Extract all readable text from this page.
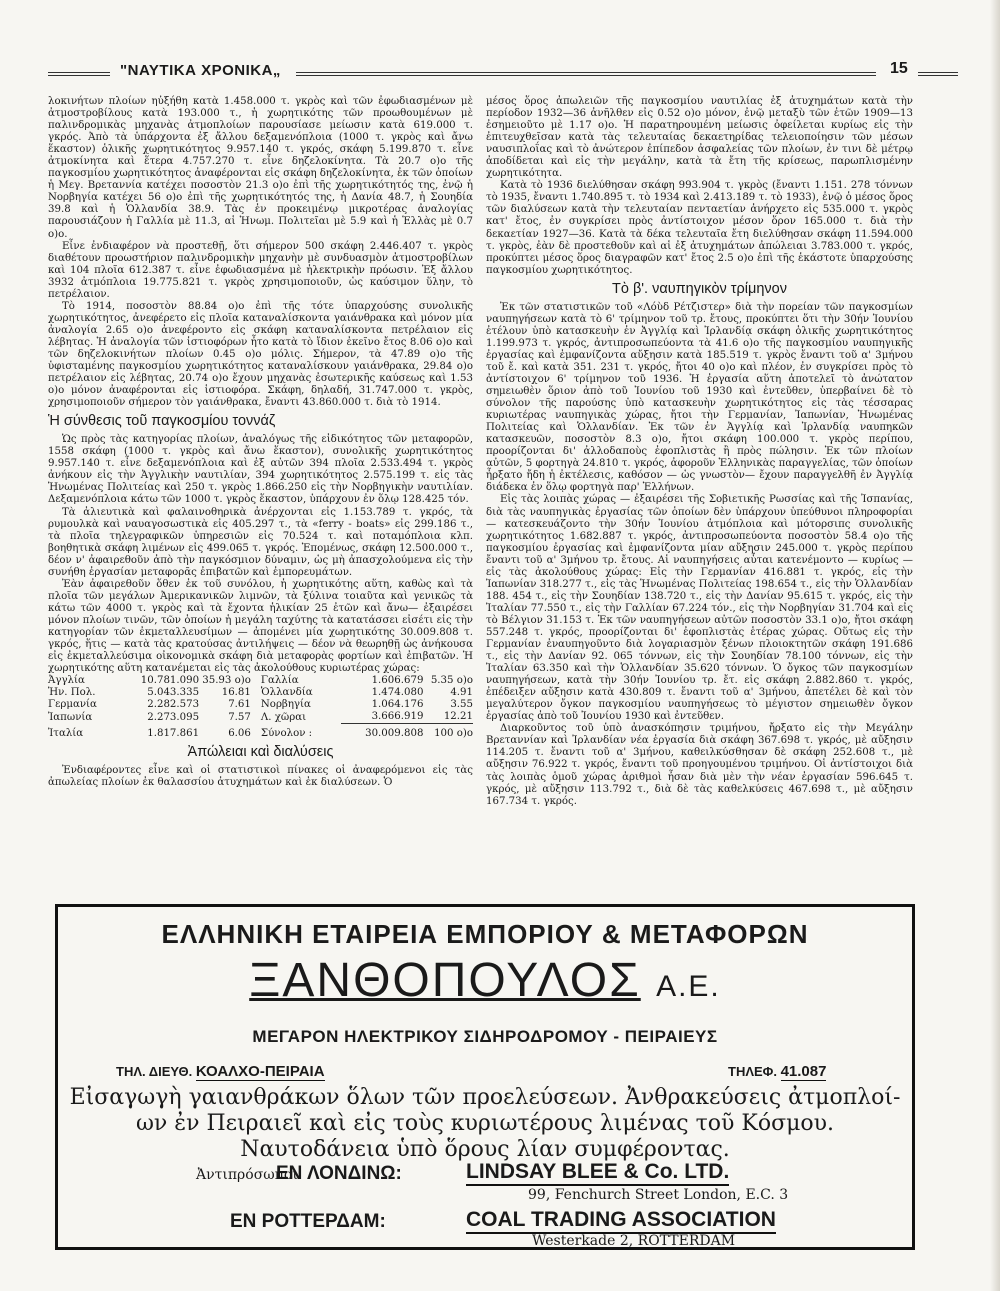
"ΝΑΥΤΙΚΑ ΧΡΟΝΙΚΑ„	15

λοκινήτων πλοίων ηὐξήθη κατὰ 1.458.000 τ. γκρὸς καὶ τῶν ἐφωδιασμένων μὲ ἀτμοστροβίλους κατὰ 193.000 τ., ἡ χωρητικότης τῶν προωθουμένων μὲ παλινδρομικὰς μηχανὰς ἀτμοπλοίων παρουσίασε μείωσιν κατὰ 619.000 τ. γκρός. Ἀπὸ τὰ ὑπάρχοντα ἐξ ἄλλου δεξαμενόπλοια (1000 τ. γκρὸς καὶ ἄνω ἕκαστον) ὁλικῆς χωρητικότητος 9.957.140 τ. γκρός, σκάφη 5.199.870 τ. εἶνε ἀτμοκίνητα καὶ ἕτερα 4.757.270 τ. εἶνε δηζελοκίνητα. Τὰ 20.7 ο)ο τῆς παγκοσμίου χωρητικότητος ἀναφέρονται εἰς σκάφη δηζελοκίνητα, ἐκ τῶν ὁποίων ἡ Μεγ. Βρεταννία κατέχει ποσοστὸν 21.3 ο)ο ἐπὶ τῆς χωρητικότητός της, ἐνῷ ἡ Νορβηγία κατέχει 56 ο)ο ἐπὶ τῆς χωρητικότητός της, ἡ Δανία 48.7, ἡ Σουηδία 39.8 καὶ ἡ Ὁλλανδία 38.9. Τὰς ἐν προκειμένῳ μικροτέρας ἀναλογίας παρουσιάζουν ἡ Γαλλία μὲ 11.3, αἱ Ἡνωμ. Πολιτεῖαι μὲ 5.9 καὶ ἡ Ἑλλὰς μὲ 0.7 ο)ο.

Εἶνε ἐνδιαφέρον νὰ προστεθῇ, ὅτι σήμερον 500 σκάφη 2.446.407 τ. γκρὸς διαθέτουν προωστήριον παλινδρομικὴν μηχανὴν μὲ συνδυασμὸν ἀτμοστροβίλων καὶ 104 πλοῖα 612.387 τ. εἶνε ἐφωδιασμένα μὲ ἠλεκτρικὴν πρόωσιν. Ἐξ ἄλλου 3932 ἀτμόπλοια 19.775.821 τ. γκρὸς χρησιμοποιοῦν, ὡς καύσιμον ὕλην, τὸ πετρέλαιον.

Τὸ 1914, ποσοστὸν 88.84 ο)ο ἐπὶ τῆς τότε ὑπαρχούσης συνολικῆς χωρητικότητος, ἀνεφέρετο εἰς πλοῖα καταναλίσκοντα γαιάνθρακα καὶ μόνον μία ἀναλογία 2.65 ο)ο ἀνεφέροντο εἰς σκάφη καταναλίσκοντα πετρέλαιον εἰς λέβητας. Ἡ ἀναλογία τῶν ἱστιοφόρων ἦτο κατὰ τὸ ἴδιον ἐκεῖνο ἔτος 8.06 ο)ο καὶ τῶν δηζελοκινήτων πλοίων 0.45 ο)ο μόλις. Σήμερον, τὰ 47.89 ο)ο τῆς ὑφισταμένης παγκοσμίου χωρητικότητος καταναλίσκουν γαιάνθρακα, 29.84 ο)ο πετρέλαιον εἰς λέβητας, 20.74 ο)ο ἔχουν μηχανὰς ἐσωτερικῆς καύσεως καὶ 1.53 ο)ο μόνον ἀναφέρονται εἰς ἱστιοφόρα. Σκάφη, δηλαδή, 31.747.000 τ. γκρὸς, χρησιμοποιοῦν σήμερον τὸν γαιάνθρακα, ἔναντι 43.860.000 τ. διὰ τὸ 1914.

Ἡ σύνθεσις τοῦ παγκοσμίου τοννάζ

Ὡς πρὸς τὰς κατηγορίας πλοίων, ἀναλόγως τῆς εἰδικότητος τῶν μεταφορῶν, 1558 σκάφη (1000 τ. γκρὸς καὶ ἄνω ἕκαστον), συνολικῆς χωρητικότητος 9.957.140 τ. εἶνε δεξαμενόπλοια καὶ ἐξ αὐτῶν 394 πλοῖα 2.533.494 τ. γκρὸς ἀνήκουν εἰς τὴν Ἀγγλικὴν ναυτιλίαν, 394 χωρητικότητος 2.575.199 τ. εἰς τὰς Ἡνωμένας Πολιτείας καὶ 250 τ. γκρὸς 1.866.250 εἰς τὴν Νορβηγικὴν ναυτιλίαν. Δεξαμενόπλοια κάτω τῶν 1000 τ. γκρὸς ἕκαστον, ὑπάρχουν ἐν ὅλῳ 128.425 τόν.

Τὰ ἁλιευτικὰ καὶ φαλαινοθηρικὰ ἀνέρχονται εἰς 1.153.789 τ. γκρός, τὰ ρυμουλκὰ καὶ ναυαγοσωστικὰ εἰς 405.297 τ., τὰ «ferry - boats» εἰς 299.186 τ., τὰ πλοῖα τηλεγραφικῶν ὑπηρεσιῶν εἰς 70.524 τ. καὶ ποταμόπλοια κλπ. βοηθητικὰ σκάφη λιμένων εἰς 499.065 τ. γκρός. Ἐπομένως, σκάφη 12.500.000 τ., δέον ν' ἀφαιρεθοῦν ἀπὸ τὴν παγκόσμιον δύναμιν, ὡς μὴ ἀπασχολούμενα εἰς τὴν συνήθη ἐργασίαν μεταφορᾶς ἐπιβατῶν καὶ ἐμπορευμάτων.

Ἐὰν ἀφαιρεθοῦν ὅθεν ἐκ τοῦ συνόλου, ἡ χωρητικότης αὕτη, καθὼς καὶ τὰ πλοῖα τῶν μεγάλων Ἀμερικανικῶν λιμνῶν, τὰ ξύλινα τοιαῦτα καὶ γενικῶς τὰ κάτω τῶν 4000 τ. γκρὸς καὶ τὰ ἔχοντα ἡλικίαν 25 ἐτῶν καὶ ἄνω— ἐξαιρέσει μόνον πλοίων τινῶν, τῶν ὁποίων ἡ μεγάλη ταχύτης τὰ κατατάσσει εἰσέτι εἰς τὴν κατηγορίαν τῶν ἐκμεταλλευσίμων — ἀπομένει μία χωρητικότης 30.009.808 τ. γκρός, ἥτις — κατὰ τὰς κρατούσας ἀντιλήψεις — δέον νὰ θεωρηθῇ ὡς ἀνήκουσα εἰς ἐκμεταλλεύσιμα οἰκονομικὰ σκάφη διὰ μεταφορὰς φορτίων καὶ ἐπιβατῶν. Ἡ χωρητικότης αὕτη κατανέμεται εἰς τὰς ἀκολούθους κυριωτέρας χώρας:

Ἀγγλία	10.781.090	35.93 ο)ο	Γαλλία	1.606.679	5.35 ο)ο
Ἡν. Πολ.	5.043.335	16.81	Ὁλλανδία	1.474.080	4.91
Γερμανία	2.282.573	7.61	Νορβηγία	1.064.176	3.55
Ἰαπωνία	2.273.095	7.57	Λ. χῶραι	3.666.919	12.21

Ἰταλία	1.817.861	6.06	Σύνολον :	30.009.808	100 ο)ο
Ἀπώλειαι καὶ διαλύσεις

Ἐνδιαφέροντες εἶνε καὶ οἱ στατιστικοὶ πίνακες οἱ ἀναφερόμενοι εἰς τὰς ἀπωλείας πλοίων ἐκ θαλασσίου ἀτυχημάτων καὶ ἐκ διαλύσεων. Ὁ

μέσος ὅρος ἀπωλειῶν τῆς παγκοσμίου ναυτιλίας ἐξ ἀτυχημάτων κατὰ τὴν περίοδον 1932—36 ἀνῆλθεν εἰς 0.52 ο)ο μόνον, ἐνῷ μεταξὺ τῶν ἐτῶν 1909—13 ἐσημειοῦτο μὲ 1.17 ο)ο. Ἡ παρατηρουμένη μείωσις ὀφείλεται κυρίως εἰς τὴν ἐπιτευχθεῖσαν κατὰ τὰς τελευταίας δεκαετηρίδας τελειοποίησιν τῶν μέσων ναυσιπλοΐας καὶ τὸ ἀνώτερον ἐπίπεδον ἀσφαλείας τῶν πλοίων, ἐν τινι δὲ μέτρῳ ἀποδίδεται καὶ εἰς τὴν μεγάλην, κατὰ τὰ ἔτη τῆς κρίσεως, παρωπλισμένην χωρητικότητα.

Κατὰ τὸ 1936 διελύθησαν σκάφη 993.904 τ. γκρὸς (ἔναντι 1.151. 278 τόννων τὸ 1935, ἔναντι 1.740.895 τ. τὸ 1934 καὶ 2.413.189 τ. τὸ 1933), ἐνῷ ὁ μέσος ὅρος τῶν διαλύσεων κατὰ τὴν τελευταίαν πενταετίαν ἀνήρχετο εἰς 535.000 τ. γκρὸς κατ' ἔτος, ἐν συγκρίσει πρὸς ἀντίστοιχον μέσον ὅρον 165.000 τ. διὰ τὴν δεκαετίαν 1927—36. Κατὰ τὰ δέκα τελευταῖα ἔτη διελύθησαν σκάφη 11.594.000 τ. γκρὸς, ἐὰν δὲ προστεθοῦν καὶ αἱ ἐξ ἀτυχημάτων ἀπώλειαι 3.783.000 τ. γκρός, προκύπτει μέσος ὅρος διαγραφῶν κατ' ἔτος 2.5 ο)ο ἐπὶ τῆς ἑκάστοτε ὑπαρχούσης παγκοσμίου χωρητικότητος.

Τὸ β'. ναυπηγικὸν τρίμηνον

Ἐκ τῶν στατιστικῶν τοῦ «Λόὺδ Ρέτζιστερ» διὰ τὴν πορείαν τῶν παγκοσμίων ναυπηγήσεων κατὰ τὸ 6' τρίμηνον τοῦ τρ. ἔτους, προκύπτει ὅτι τὴν 30ήν Ἰουνίου ἐτέλουν ὑπὸ κατασκευὴν ἐν Ἀγγλίᾳ καὶ Ἰρλανδίᾳ σκάφη ὁλικῆς χωρητικότητος 1.199.973 τ. γκρός, ἀντιπροσωπεύοντα τὰ 41.6 ο)ο τῆς παγκοσμίου ναυπηγικῆς ἐργασίας καὶ ἐμφανίζοντα αὔξησιν κατὰ 185.519 τ. γκρὸς ἔναντι τοῦ α' 3μήνου τοῦ ἔ. καὶ κατὰ 351. 231 τ. γκρός, ἤτοι 40 ο)ο καὶ πλέον, ἐν συγκρίσει πρὸς τὸ ἀντίστοιχον 6' τρίμηνον τοῦ 1936. Ἡ ἐργασία αὕτη ἀποτελεῖ τὸ ἀνώτατον σημειωθὲν ὅριον ἀπὸ τοῦ Ἰουνίου τοῦ 1930 καὶ ἐντεῦθεν, ὑπερβαίνει δὲ τὸ σύνολον τῆς παρούσης ὑπὸ κατασκευὴν χωρητικότητος εἰς τὰς τέσσαρας κυριωτέρας ναυπηγικὰς χώρας, ἤτοι τὴν Γερμανίαν, Ἰαπωνίαν, Ἡνωμένας Πολιτείας καὶ Ὁλλανδίαν. Ἐκ τῶν ἐν Ἀγγλίᾳ καὶ Ἰρλανδίᾳ ναυπηκῶν κατασκευῶν, ποσοστὸν 8.3 ο)ο, ἤτοι σκάφη 100.000 τ. γκρὸς περίπου, προορίζονται δι' ἀλλοδαποὺς ἐφοπλιστὰς ἢ πρὸς πώλησιν. Ἐκ τῶν πλοίων αὐτῶν, 5 φορτηγὰ 24.810 τ. γκρός, ἀφοροῦν Ἑλληνικὰς παραγγελίας, τῶν ὁποίων ἦρξατο ἤδη ἡ ἐκτέλεσις, καθόσον — ὡς γνωστὸν— ἔχουν παραγγελθῆ ἐν Ἀγγλίᾳ διάδεκα ἐν ὅλῳ φορτηγὰ παρ' Ἑλλήνων.

Εἰς τὰς λοιπὰς χώρας — ἐξαιρέσει τῆς Σοβιετικῆς Ρωσσίας καὶ τῆς Ἰσπανίας, διὰ τὰς ναυπηγικὰς ἐργασίας τῶν ὁποίων δὲν ὑπάρχουν ὑπεύθυνοι πληροφορίαι — κατεσκευάζοντο τὴν 30ήν Ἰουνίου ἀτμόπλοια καὶ μότορσιπς συνολικῆς χωρητικότητος 1.682.887 τ. γκρός, ἀντιπροσωπεύοντα ποσοστὸν 58.4 ο)ο τῆς παγκοσμίου ἐργασίας καὶ ἐμφανίζοντα μίαν αὔξησιν 245.000 τ. γκρὸς περίπου ἔναντι τοῦ α' 3μήνου τρ. ἔτους. Αἱ ναυπηγήσεις αὗται κατενέμοντο — κυρίως — εἰς τὰς ἀκολούθους χώρας: Εἰς τὴν Γερμανίαν 416.881 τ. γκρός, εἰς τὴν Ἰαπωνίαν 318.277 τ., εἰς τὰς Ἡνωμένας Πολιτείας 198.654 τ., εἰς τὴν Ὁλλανδίαν 188. 454 τ., εἰς τὴν Σουηδίαν 138.720 τ., εἰς τὴν Δανίαν 95.615 τ. γκρός, εἰς τὴν Ἰταλίαν 77.550 τ., εἰς τὴν Γαλλίαν 67.224 τόν., εἰς τὴν Νορβηγίαν 31.704 καὶ εἰς τὸ Βέλγιον 31.153 τ. Ἐκ τῶν ναυπηγήσεων αὐτῶν ποσοστὸν 33.1 ο)ο, ἤτοι σκάφη 557.248 τ. γκρός, προορίζονται δι' ἐφοπλιστὰς ἑτέρας χώρας. Οὕτως εἰς τὴν Γερμανίαν ἐναυπηγοῦντο διὰ λογαριασμὸν ξένων πλοιοκτητῶν σκάφη 191.686 τ., εἰς τὴν Δανίαν 92. 065 τόννων, εἰς τὴν Σουηδίαν 78.100 τόννων, εἰς τὴν Ἰταλίαν 63.350 καὶ τὴν Ὁλλανδίαν 35.620 τόννων. Ὁ ὄγκος τῶν παγκοσμίων ναυπηγήσεων, κατὰ τὴν 30ήν Ἰουνίου τρ. ἔτ. εἰς σκάφη 2.882.860 τ. γκρός, ἐπέδειξεν αὔξησιν κατὰ 430.809 τ. ἔναντι τοῦ α' 3μήνου, ἀπετέλει δὲ καὶ τὸν μεγαλύτερον ὄγκον παγκοσμίου ναυπηγήσεως τὸ μέγιστον σημειωθὲν ὄγκον ἐργασίας ἀπὸ τοῦ Ἰουνίου 1930 καὶ ἐντεῦθεν.

Διαρκοῦντος τοῦ ὑπὸ ἀνασκόπησιν τριμήνου, ἤρξατο εἰς τὴν Μεγάλην Βρεταννίαν καὶ Ἰρλανδίαν νέα ἐργασία διὰ σκάφη 367.698 τ. γκρός, μὲ αὔξησιν 114.205 τ. ἔναντι τοῦ α' 3μήνου, καθειλκύσθησαν δὲ σκάφη 252.608 τ., μὲ αὔξησιν 76.922 τ. γκρός, ἔναντι τοῦ προηγουμένου τριμήνου. Οἱ ἀντίστοιχοι διὰ τὰς λοιπὰς ὁμοῦ χώρας ἀριθμοὶ ἦσαν διὰ μὲν τὴν νέαν ἐργασίαν 596.645 τ. γκρός, μὲ αὔξησιν 113.792 τ., διὰ δὲ τὰς καθελκύσεις 467.698 τ., μὲ αὔξησιν 167.734 τ. γκρός.

ΕΛΛΗΝΙΚΗ ΕΤΑΙΡΕΙΑ ΕΜΠΟΡΙΟΥ & ΜΕΤΑΦΟΡΩΝ
ΞΑΝΘΟΠΟΥΛΟΣ Α.Ε.
ΜΕΓΑΡΟΝ ΗΛΕΚΤΡΙΚΟΥ ΣΙΔΗΡΟΔΡΟΜΟΥ - ΠΕΙΡΑΙΕΥΣ
ΤΗΛ. ΔΙΕΥΘ. ΚΟΑΛΧΟ-ΠΕΙΡΑΙΑ	ΤΗΛΕΦ. 41.087
Εἰσαγωγὴ γαιανθράκων ὅλων τῶν προελεύσεων. Ἀνθρακεύσεις ἀτμοπλοί-
ων ἐν Πειραιεῖ καὶ εἰς τοὺς κυριωτέρους λιμένας τοῦ Κόσμου.
Ναυτοδάνεια ὑπὸ ὅρους λίαν συμφέροντας.
Ἀντιπρόσωποι:
ΕΝ ΛΟΝΔΙΝΩ:	LINDSAY BLEE & Co. LTD.
99, Fenchurch Street London, E.C. 3
ΕΝ ΡΟΤΤΕΡΔΑΜ:	COAL TRADING ASSOCIATION
Westerkade 2, ROTTERDAM
